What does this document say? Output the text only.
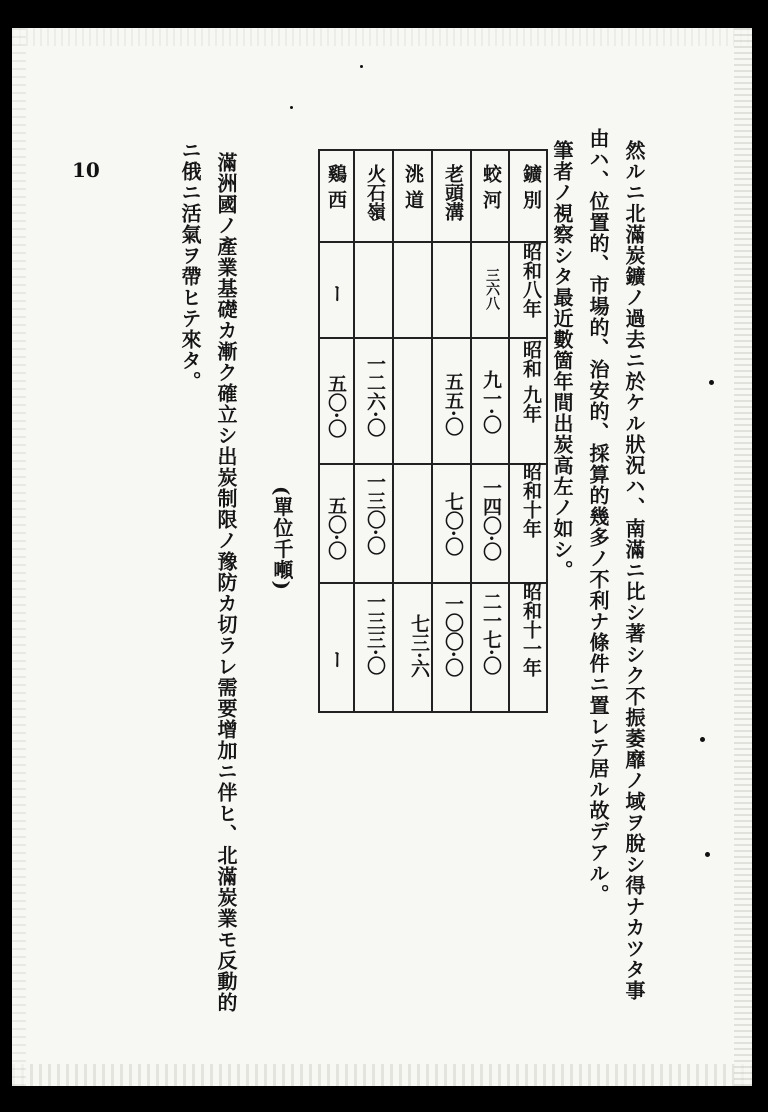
10	然ルニ北滿炭鑛ノ過去ニ於ケル狀況ハ、南滿ニ比シ著シク不振萎靡ノ域ヲ脫シ得ナカツタ事
由ハ、位置的、市場的、治安的、採算的幾多ノ不利ナ條件ニ置レテ居ル故デアル。
筆者ノ視察シタ最近數箇年間出炭高左ノ如シ。
鑛 別
昭和八年
昭和 九年
昭和十年
昭和十一年
蛟 河
三六八
九一·〇
一四〇·〇
二一七·〇
老頭溝
五五·〇
七〇·〇
一〇〇·〇
洮 道
七三·六
火石嶺
一二六·〇
一三〇·〇
一三三·〇
鷄 西
ー
五〇·〇
五〇·〇
ー
(單位千噸)
滿洲國ノ產業基礎カ漸ク確立シ出炭制限ノ豫防カ切ラレ需要增加ニ伴ヒ、北滿炭業モ反動的
ニ俄ニ活氣ヲ帶ヒテ來タ。
